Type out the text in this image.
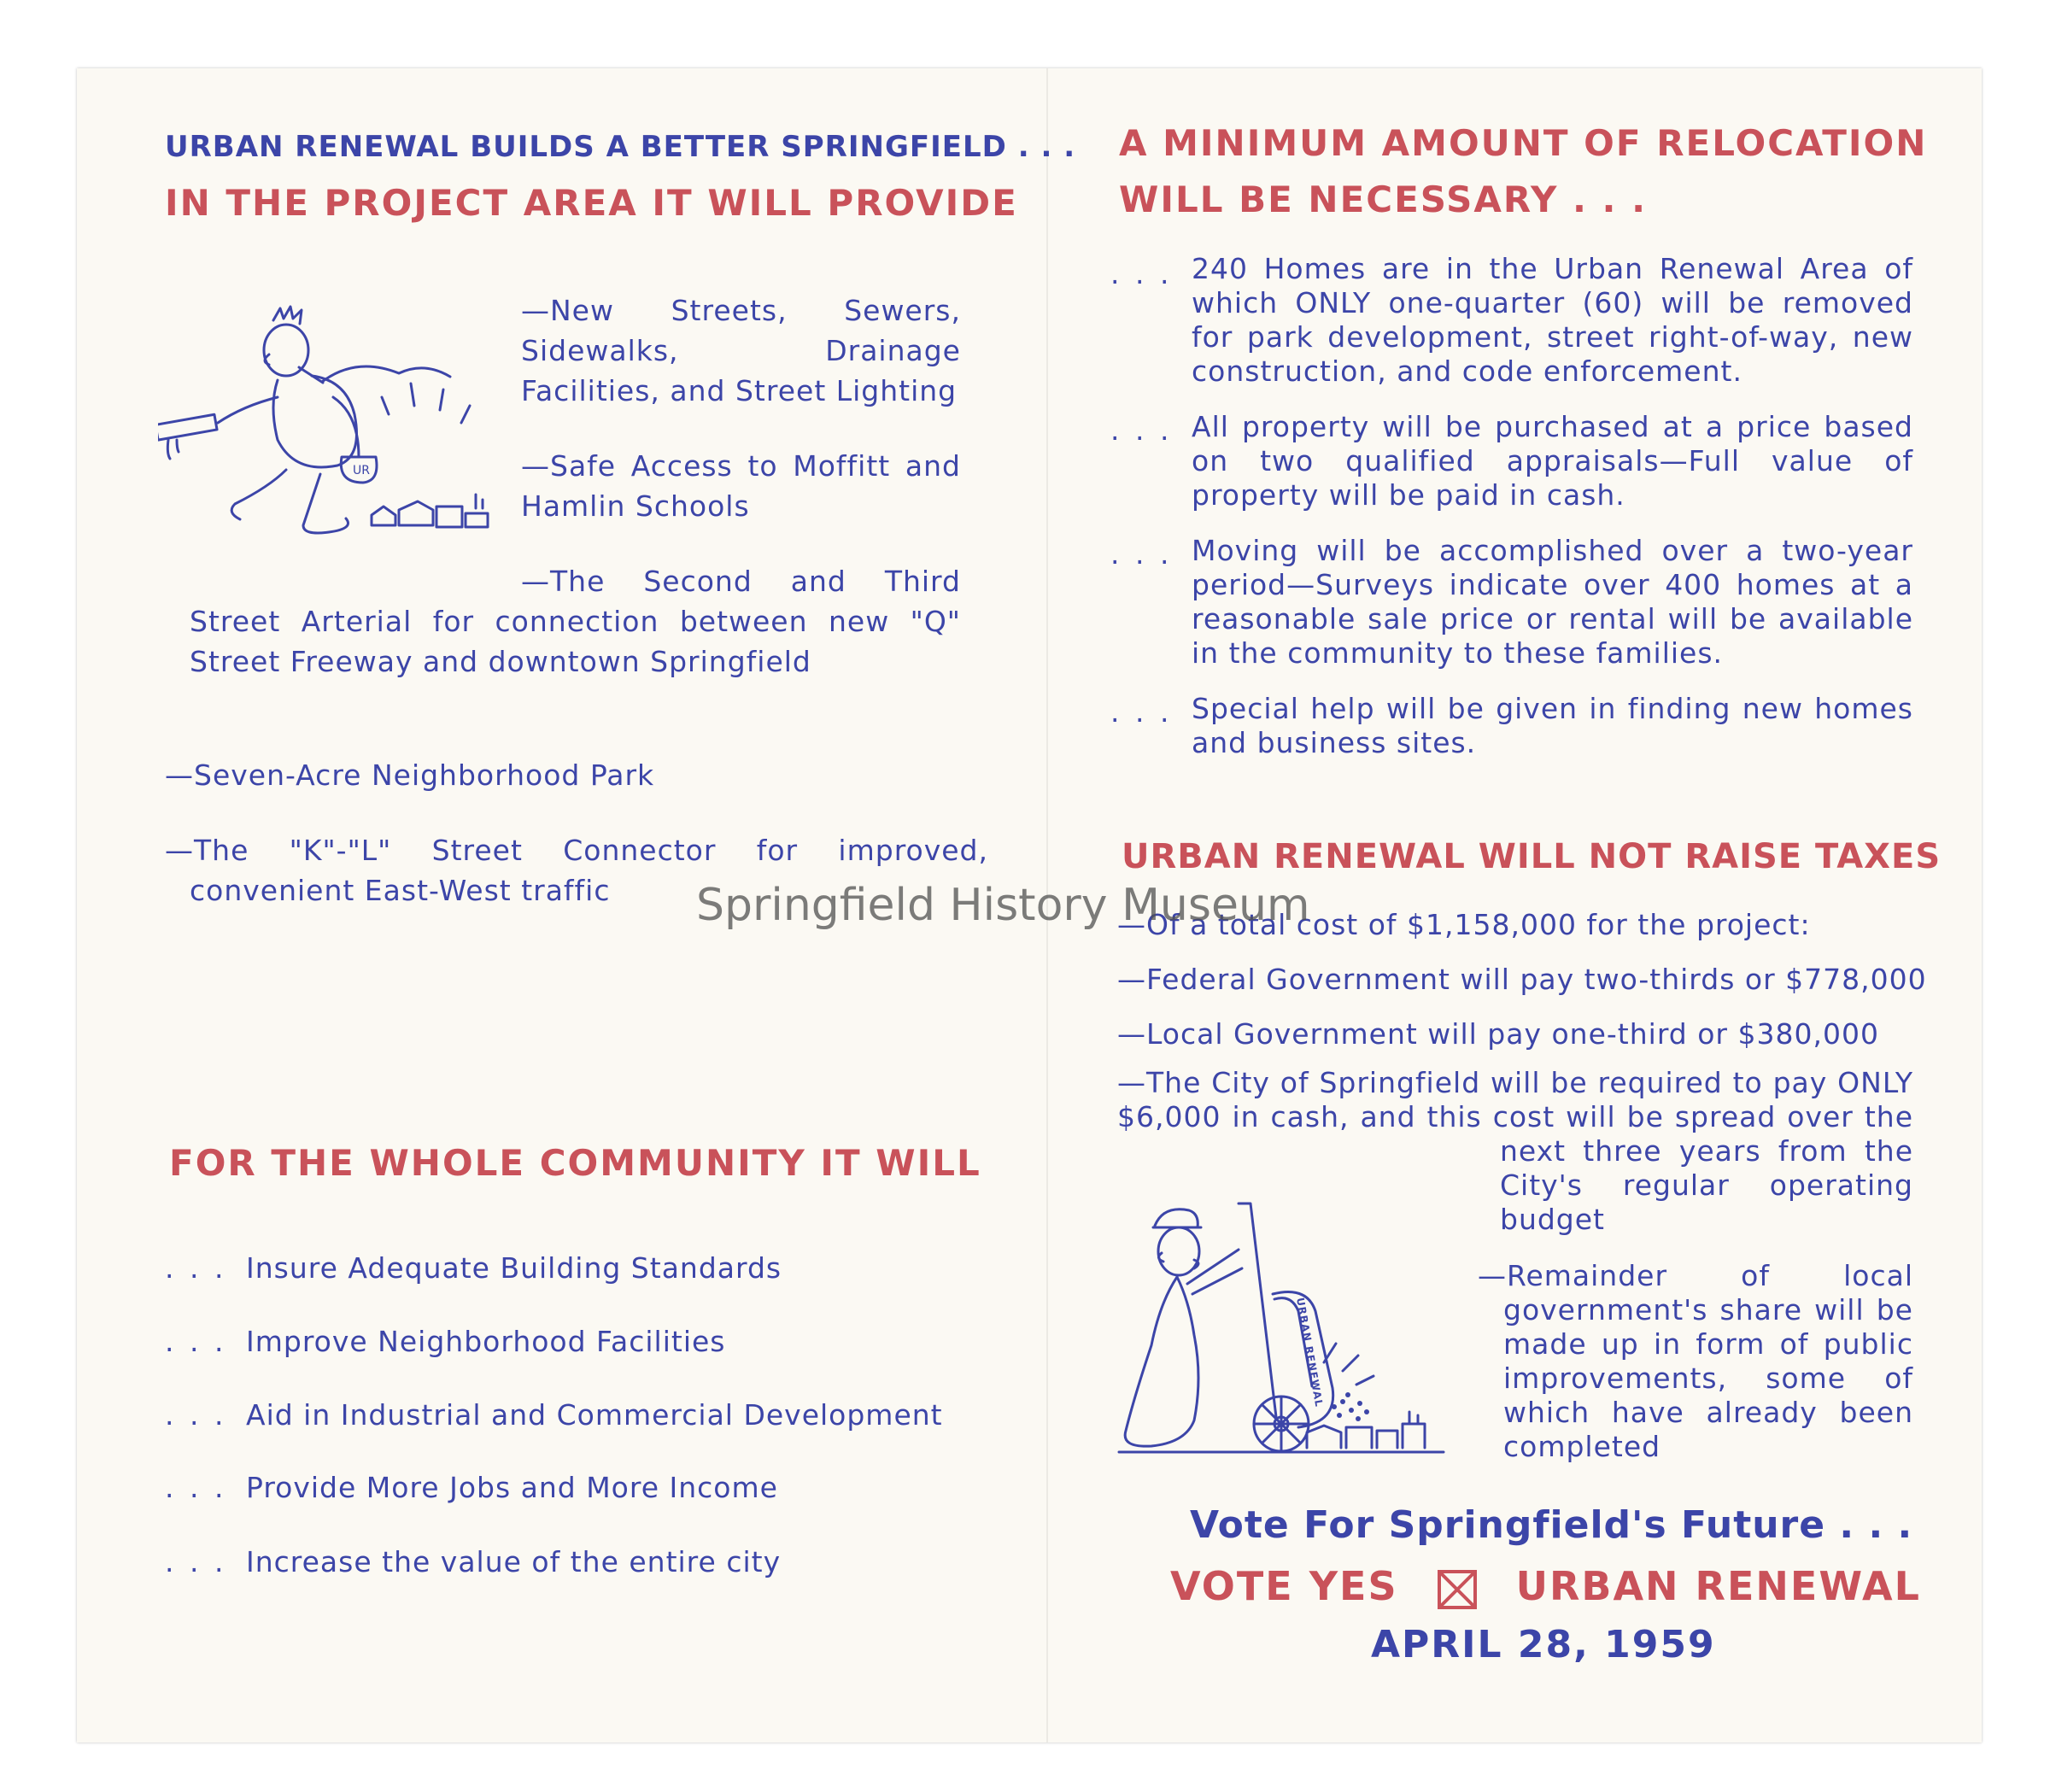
URBAN RENEWAL BUILDS A BETTER SPRINGFIELD . . .
IN THE PROJECT AREA IT WILL PROVIDE
UR
—New Streets, Sewers, Sidewalks, Drainage Facilities, and Street Lighting
—Safe Access to Moffitt and Hamlin Schools
—The Second and Third Street Arterial for connection between new "Q" Street Freeway and downtown Springfield
—Seven-Acre Neighborhood Park
—The "K"-"L" Street Connector for improved, convenient East-West traffic
FOR THE WHOLE COMMUNITY IT WILL
. . . Insure Adequate Building Standards
. . . Improve Neighborhood Facilities
. . . Aid in Industrial and Commercial Development
. . . Provide More Jobs and More Income
. . . Increase the value of the entire city
A MINIMUM AMOUNT OF RELOCATION
WILL BE NECESSARY . . .
. . . 240 Homes are in the Urban Renewal Area of which ONLY one-quarter (60) will be removed for park development, street right-of-way, new construction, and code enforcement.
. . . All property will be purchased at a price based on two qualified appraisals—Full value of property will be paid in cash.
. . . Moving will be accomplished over a two-year period—Surveys indicate over 400 homes at a reasonable sale price or rental will be available in the community to these families.
. . . Special help will be given in finding new homes and business sites.
URBAN RENEWAL WILL NOT RAISE TAXES
—Of a total cost of $1,158,000 for the project:
—Federal Government will pay two-thirds or $778,000
—Local Government will pay one-third or $380,000
—The City of Springfield will be required to pay ONLY $6,000 in cash, and this cost will be spread over the next three years from the City's regular operating budget
—Remainder of local government's share will be made up in form of public improvements, some of which have already been completed
URBAN RENEWAL
Vote For Springfield's Future . . .
VOTE YES	URBAN RENEWAL
APRIL 28, 1959
Springfield History Museum
